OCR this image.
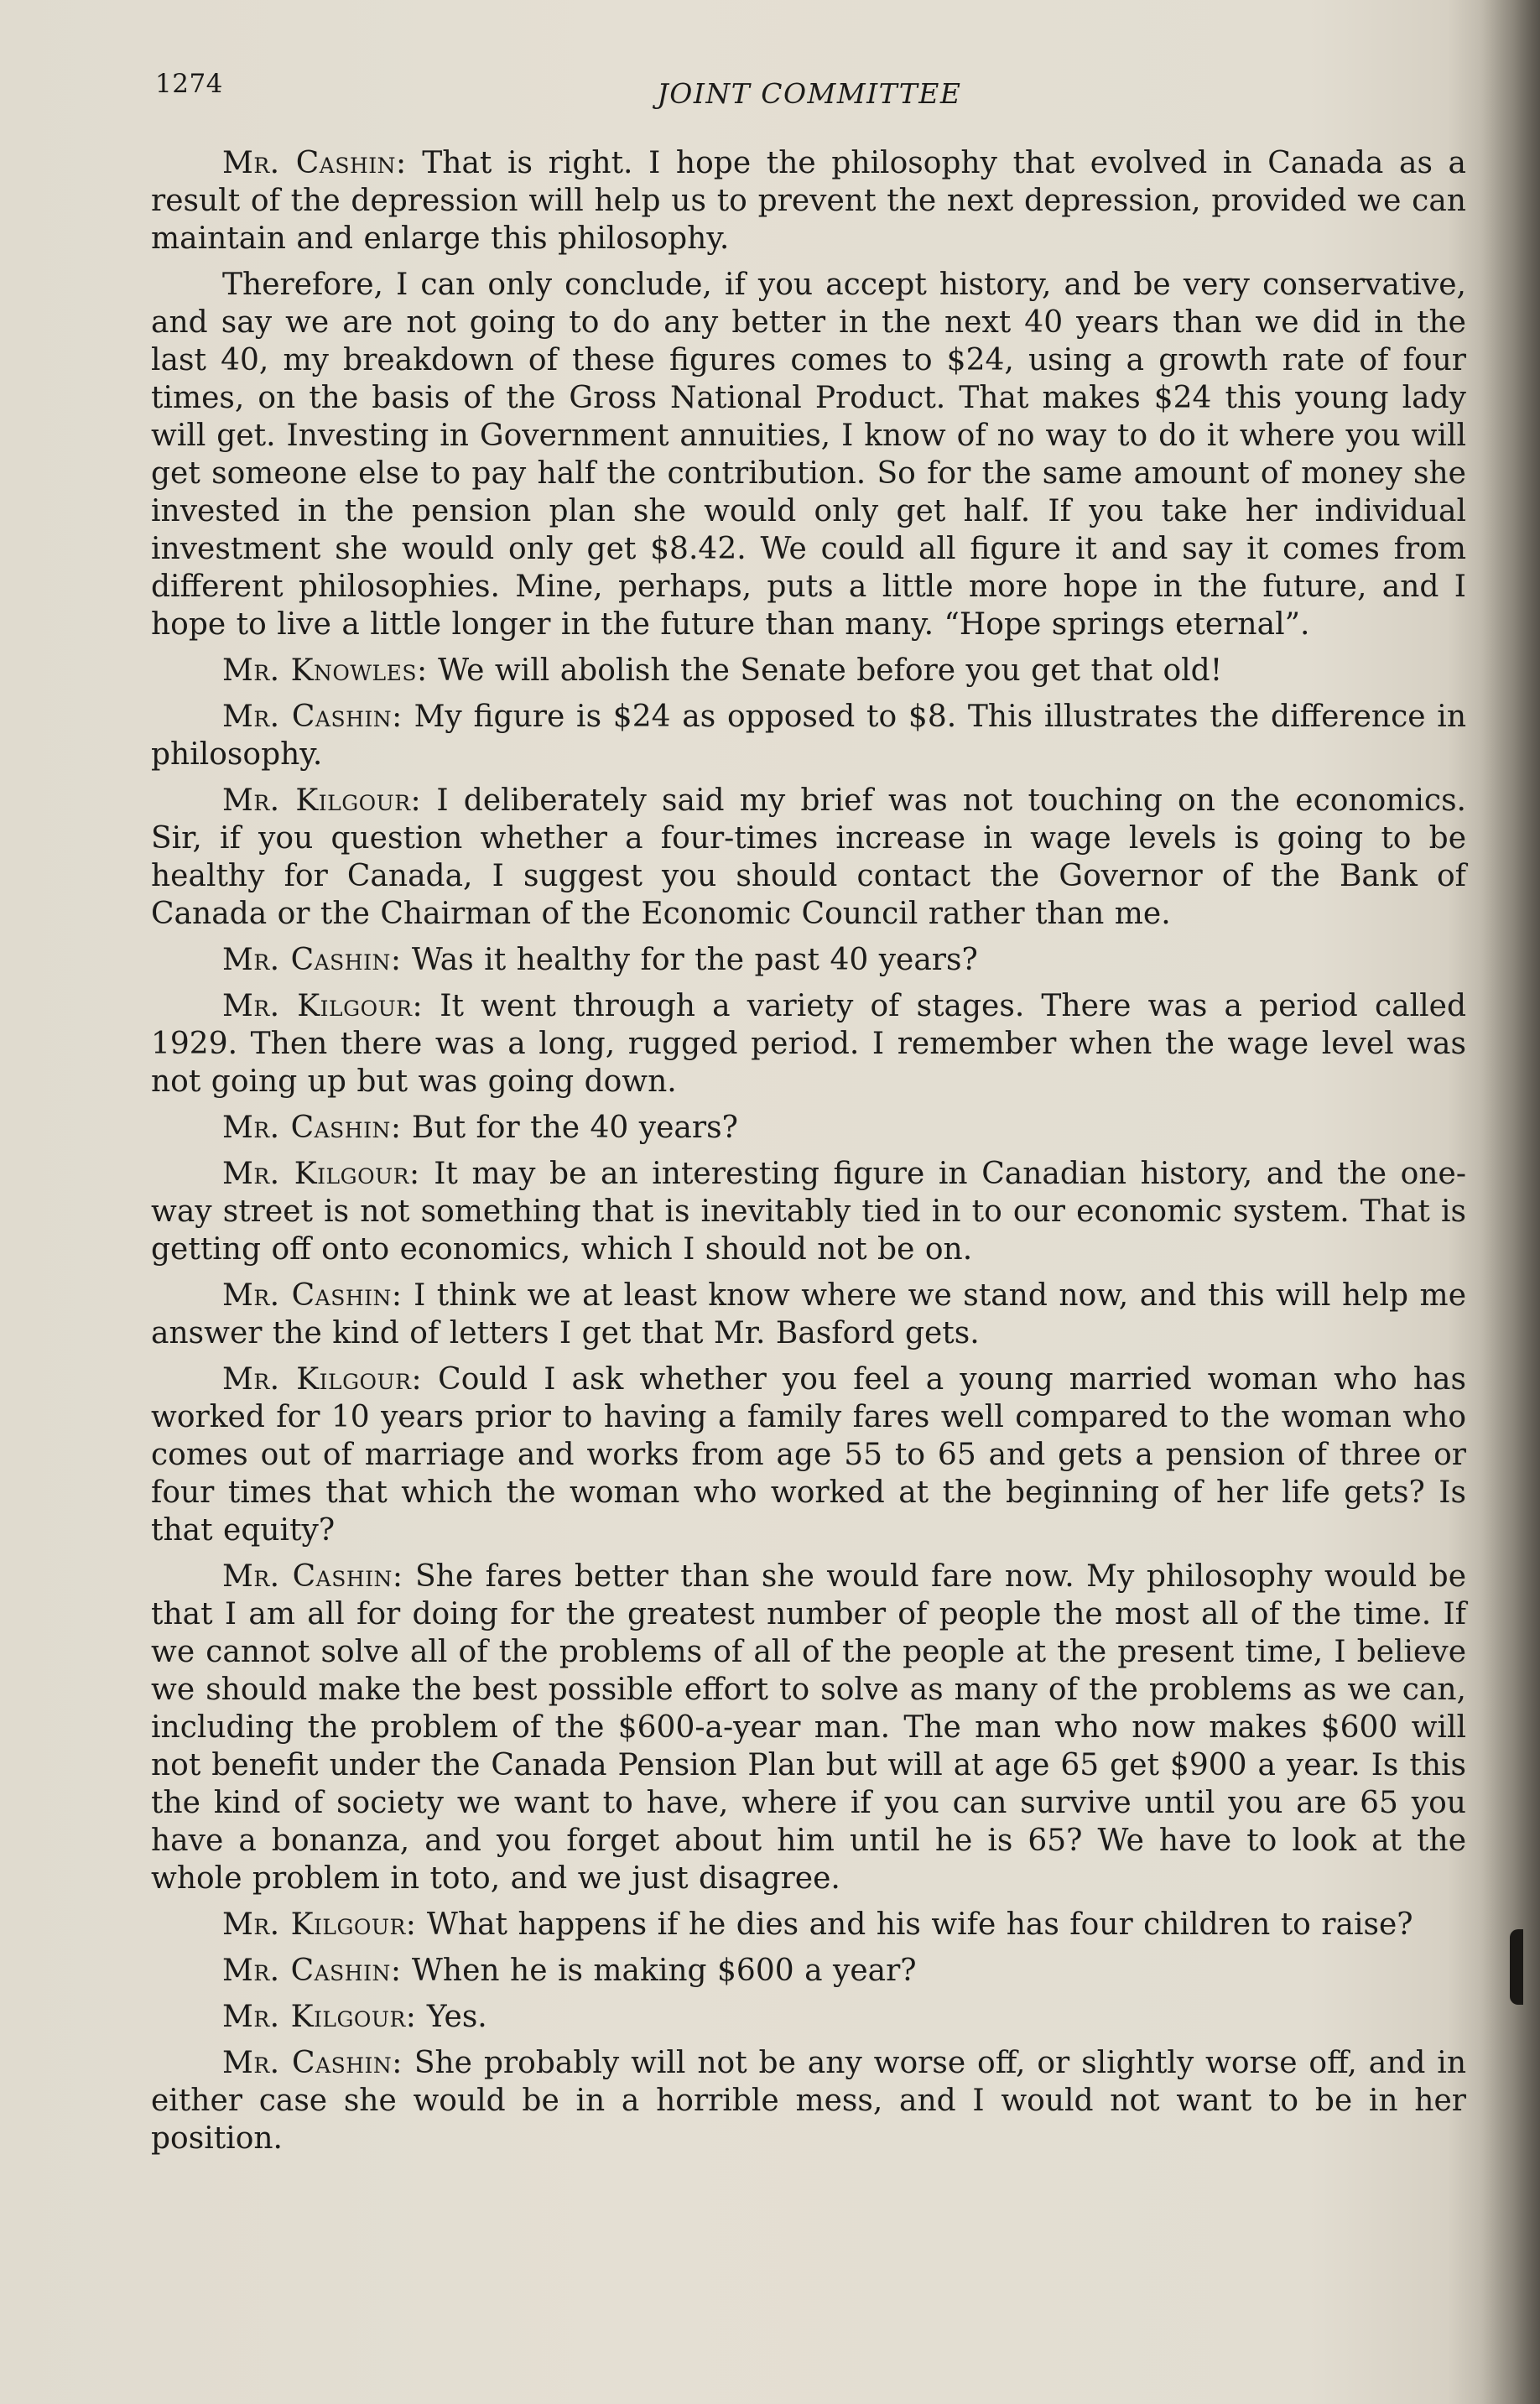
1274	JOINT COMMITTEE

Mr. Cashin: That is right. I hope the philosophy that evolved in Canada as a result of the depression will help us to prevent the next depression, provided we can maintain and enlarge this philosophy.

Therefore, I can only conclude, if you accept history, and be very conservative, and say we are not going to do any better in the next 40 years than we did in the last 40, my breakdown of these figures comes to $24, using a growth rate of four times, on the basis of the Gross National Product. That makes $24 this young lady will get. Investing in Government annuities, I know of no way to do it where you will get someone else to pay half the contribution. So for the same amount of money she invested in the pension plan she would only get half. If you take her individual investment she would only get $8.42. We could all figure it and say it comes from different philosophies. Mine, perhaps, puts a little more hope in the future, and I hope to live a little longer in the future than many. “Hope springs eternal”.

Mr. Knowles: We will abolish the Senate before you get that old!

Mr. Cashin: My figure is $24 as opposed to $8. This illustrates the difference in philosophy.

Mr. Kilgour: I deliberately said my brief was not touching on the economics. Sir, if you question whether a four-times increase in wage levels is going to be healthy for Canada, I suggest you should contact the Governor of the Bank of Canada or the Chairman of the Economic Council rather than me.

Mr. Cashin: Was it healthy for the past 40 years?

Mr. Kilgour: It went through a variety of stages. There was a period called 1929. Then there was a long, rugged period. I remember when the wage level was not going up but was going down.

Mr. Cashin: But for the 40 years?

Mr. Kilgour: It may be an interesting figure in Canadian history, and the one-way street is not something that is inevitably tied in to our economic system. That is getting off onto economics, which I should not be on.

Mr. Cashin: I think we at least know where we stand now, and this will help me answer the kind of letters I get that Mr. Basford gets.

Mr. Kilgour: Could I ask whether you feel a young married woman who has worked for 10 years prior to having a family fares well compared to the woman who comes out of marriage and works from age 55 to 65 and gets a pension of three or four times that which the woman who worked at the beginning of her life gets? Is that equity?

Mr. Cashin: She fares better than she would fare now. My philosophy would be that I am all for doing for the greatest number of people the most all of the time. If we cannot solve all of the problems of all of the people at the present time, I believe we should make the best possible effort to solve as many of the problems as we can, including the problem of the $600-a-year man. The man who now makes $600 will not benefit under the Canada Pension Plan but will at age 65 get $900 a year. Is this the kind of society we want to have, where if you can survive until you are 65 you have a bonanza, and you forget about him until he is 65? We have to look at the whole problem in toto, and we just disagree.

Mr. Kilgour: What happens if he dies and his wife has four children to raise?

Mr. Cashin: When he is making $600 a year?

Mr. Kilgour: Yes.

Mr. Cashin: She probably will not be any worse off, or slightly worse off, and in either case she would be in a horrible mess, and I would not want to be in her position.
